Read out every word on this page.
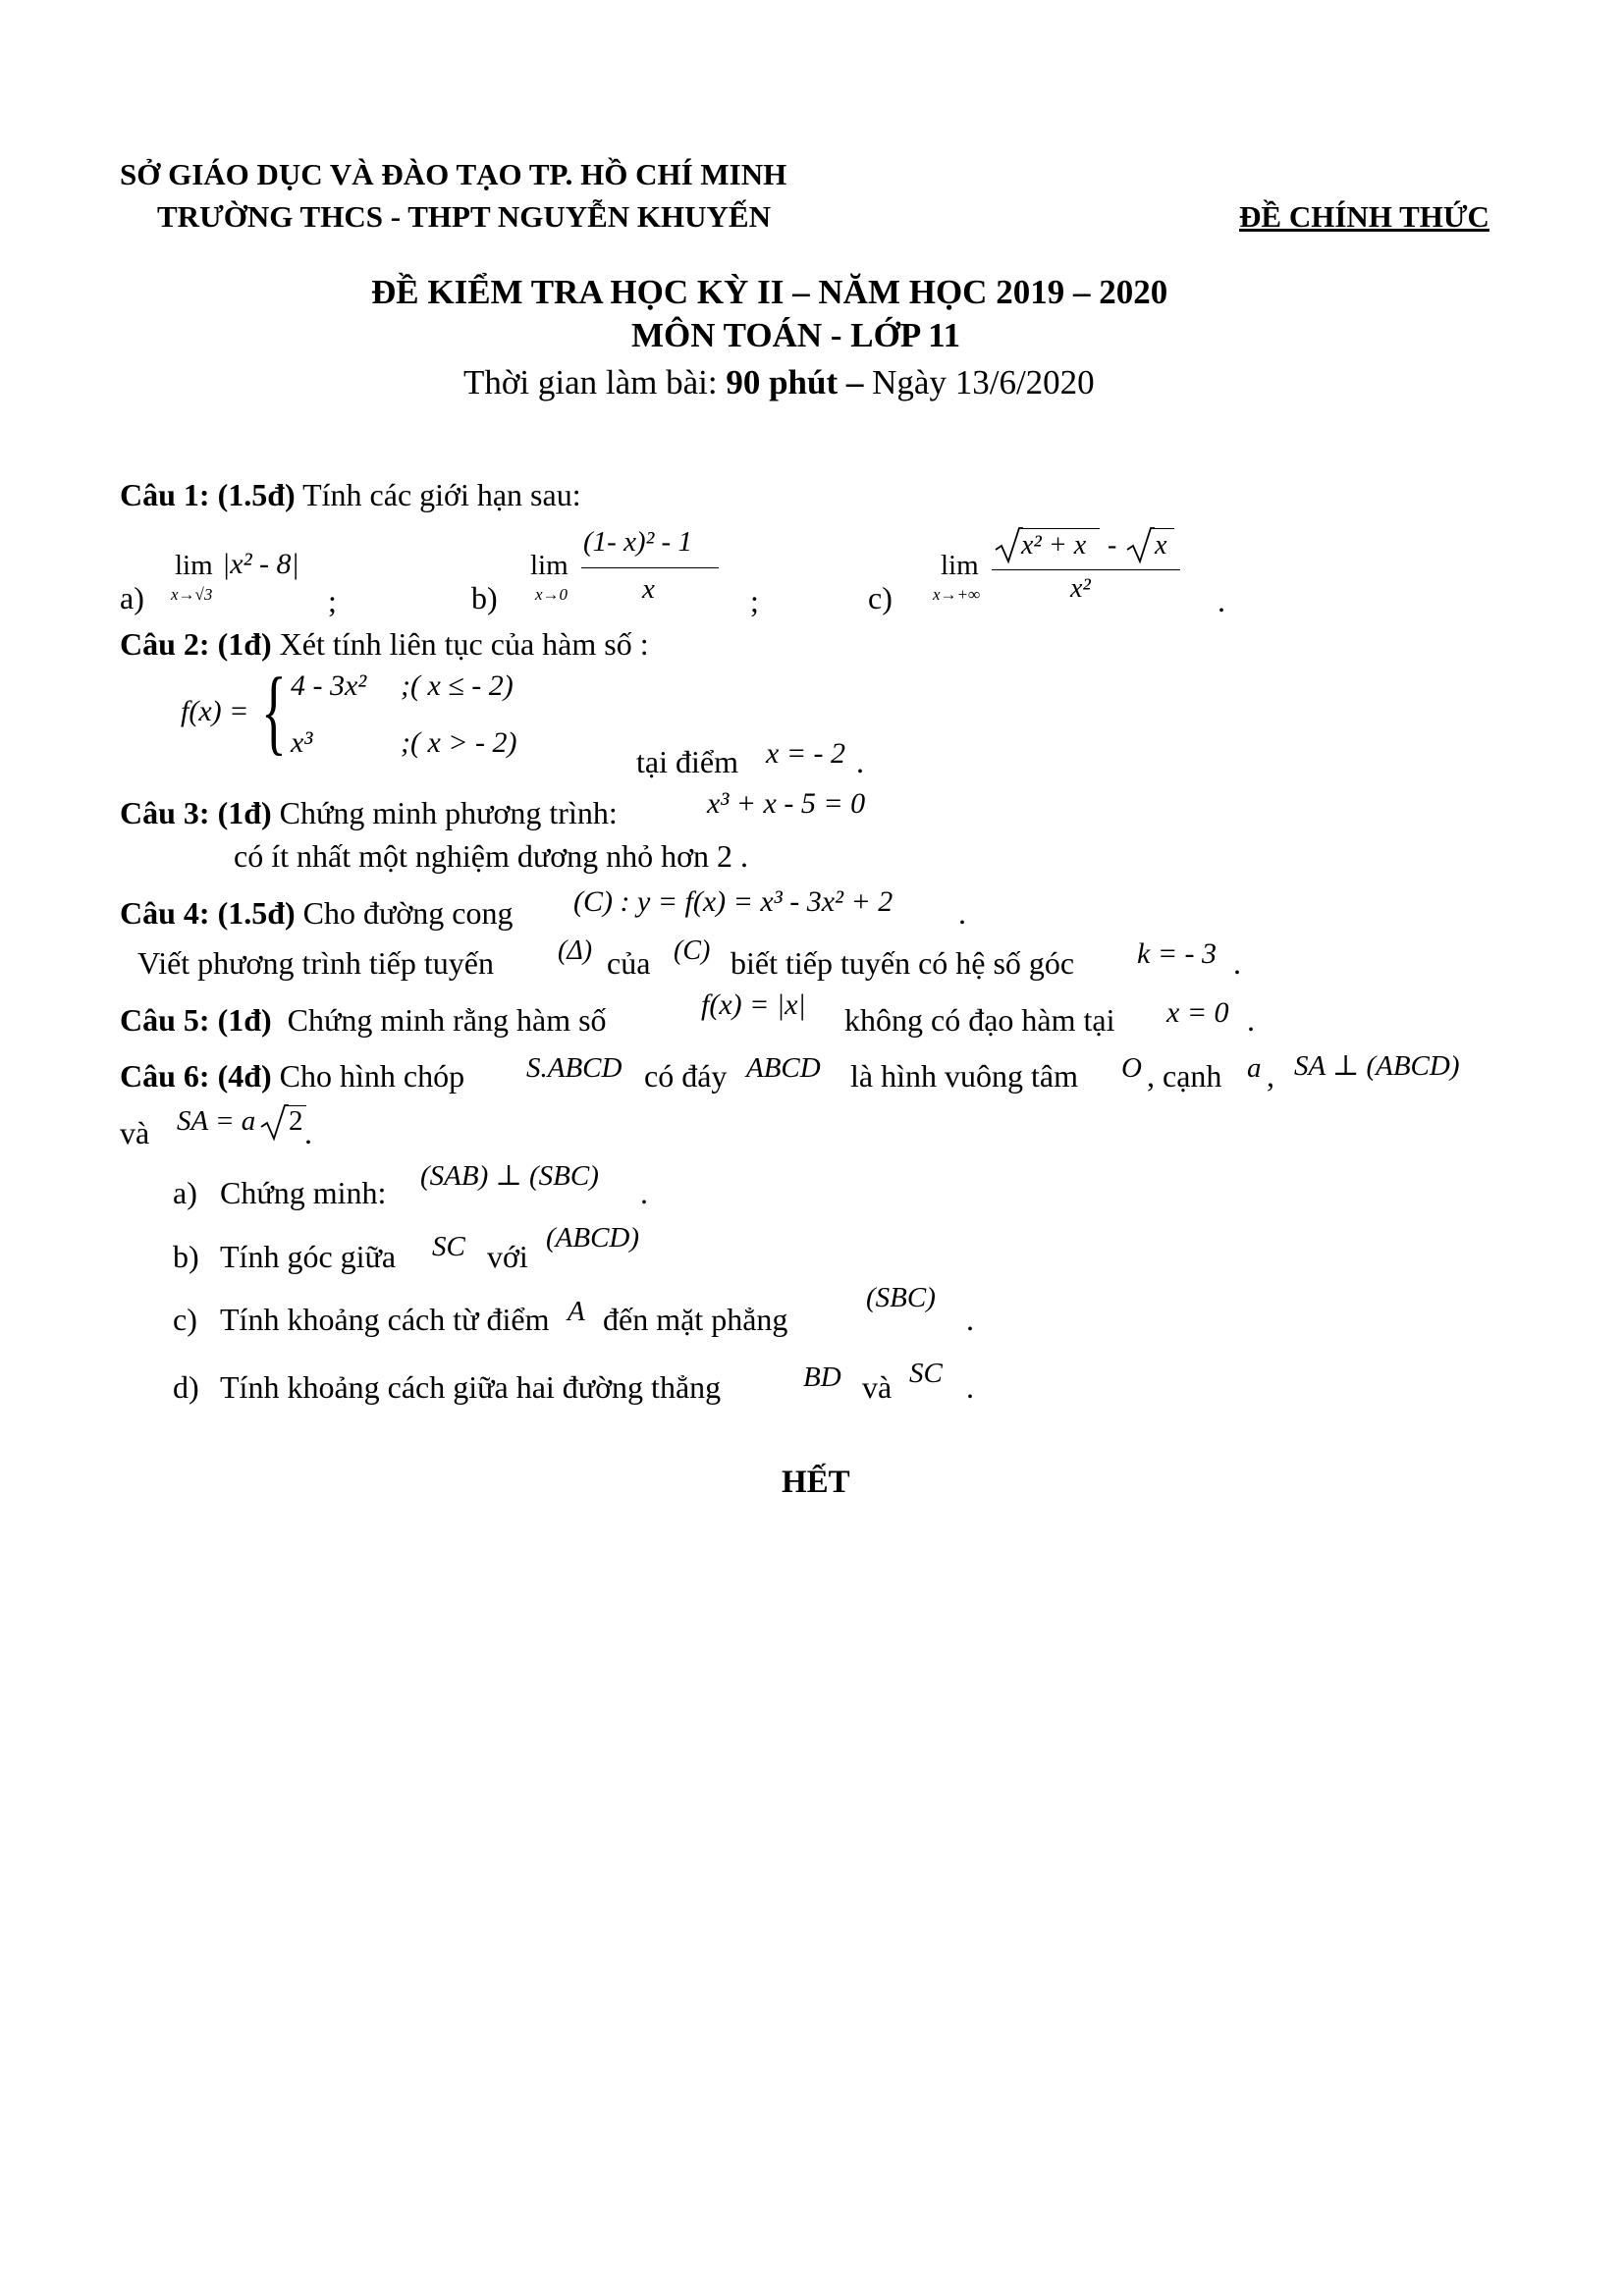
SỞ GIÁO DỤC VÀ ĐÀO TẠO TP. HỒ CHÍ MINH
TRƯỜNG THCS - THPT NGUYỄN KHUYẾN	ĐỀ CHÍNH THỨC
ĐỀ KIỂM TRA HỌC KỲ II – NĂM HỌC 2019 – 2020
MÔN TOÁN - LỚP 11
Thời gian làm bài: 90 phút – Ngày 13/6/2020
Câu 1: (1.5đ) Tính các giới hạn sau:
a)
lim
x→√3
|x² - 8|
;	b)
lim
x→0
(1- x)² - 1
x	;	c)
lim
x→+∞
x² + x - x
x²	.
Câu 2: (1đ) Xét tính liên tục của hàm số :
f(x) = { 4 - 3x² ;( x ≤ - 2)
x³	;( x > - 2)
tại điểm x = - 2 .
Câu 3: (1đ) Chứng minh phương trình:	x³ + x - 5 = 0
có ít nhất một nghiệm dương nhỏ hơn 2 .
Câu 4: (1.5đ) Cho đường cong (C) : y = f(x) = x³ - 3x² + 2 .
Viết phương trình tiếp tuyến (Δ) của (C) biết tiếp tuyến có hệ số góc k = - 3 .
Câu 5: (1đ) Chứng minh rằng hàm số	f(x) = |x| không có đạo hàm tại x = 0 .
Câu 6: (4đ) Cho hình chóp S.ABCD có đáy ABCD là hình vuông tâm O , cạnh a , SA ⊥ (ABCD)
và SA = a 2 .
a) Chứng minh: (SAB) ⊥ (SBC) .
b) Tính góc giữa SC với
(ABCD)
c) Tính khoảng cách từ điểm A đến mặt phẳng
(SBC)
.
d) Tính khoảng cách giữa hai đường thẳng	BD và SC .
HẾT
